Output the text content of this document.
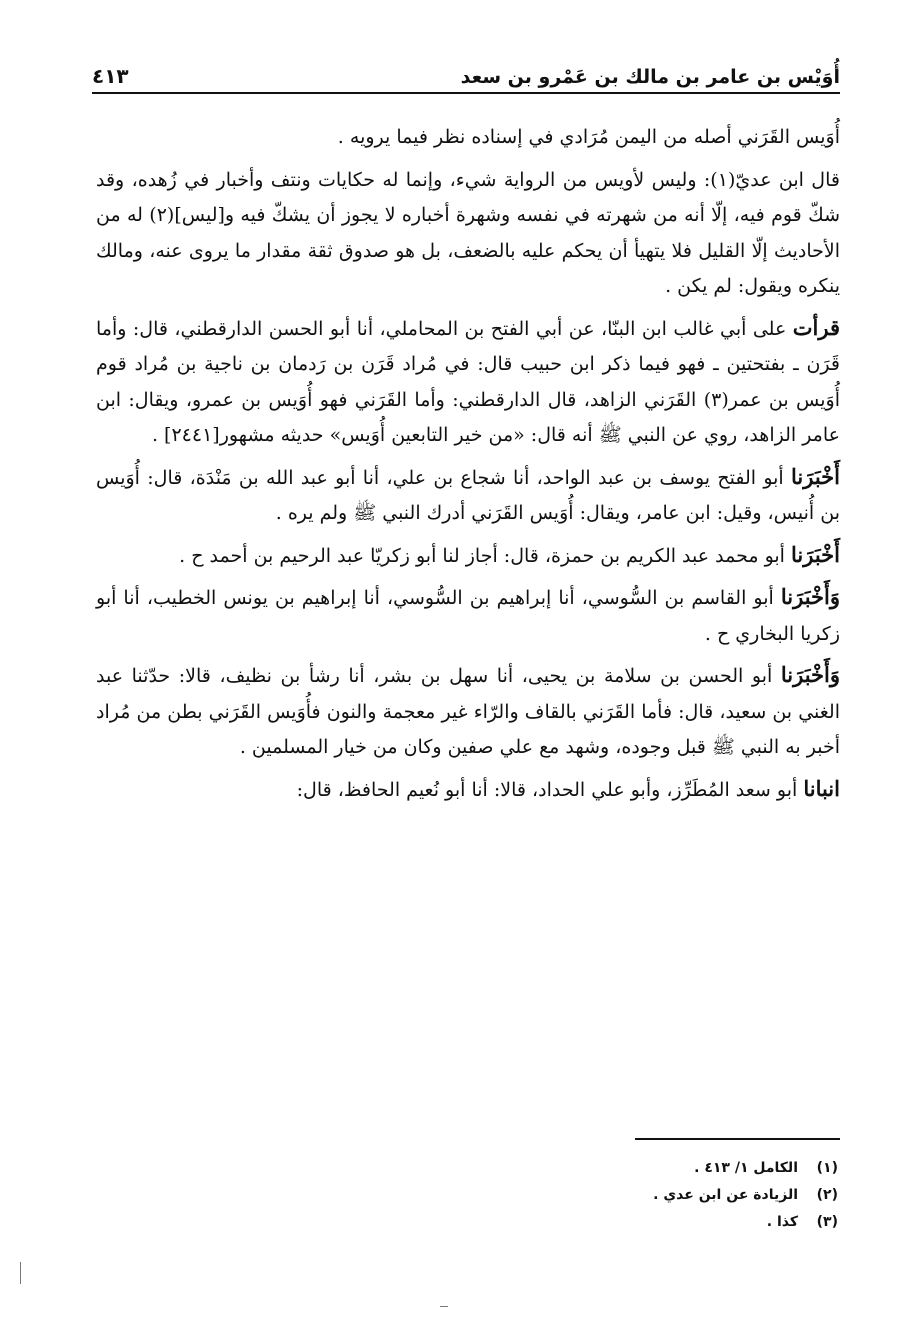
أُوَيْس بن عامر بن مالك بن عَمْرو بن سعد
٤١٣

أُوَيس القَرَني أصله من اليمن مُرَادي في إسناده نظر فيما يرويه .

قال ابن عديّ(١): وليس لأويس من الرواية شيء، وإنما له حكايات ونتف وأخبار في زُهده، وقد شكّ قوم فيه، إلّا أنه من شهرته في نفسه وشهرة أخباره لا يجوز أن يشكّ فيه و[ليس](٢) له من الأحاديث إلّا القليل فلا يتهيأ أن يحكم عليه بالضعف، بل هو صدوق ثقة مقدار ما يروى عنه، ومالك ينكره ويقول: لم يكن .

قرأت على أبي غالب ابن البنّا، عن أبي الفتح بن المحاملي، أنا أبو الحسن الدارقطني، قال: وأما قَرَن ـ بفتحتين ـ فهو فيما ذكر ابن حبيب قال: في مُراد قَرَن بن رَدمان بن ناجية بن مُراد قوم أُوَيس بن عمر(٣) القَرَني الزاهد، قال الدارقطني: وأما القَرَني فهو أُوَيس بن عمرو، ويقال: ابن عامر الزاهد، روي عن النبي ﷺ أنه قال: «من خير التابعين أُوَيس» حديثه مشهور[٢٤٤١] .

أَخْبَرَنا أبو الفتح يوسف بن عبد الواحد، أنا شجاع بن علي، أنا أبو عبد الله بن مَنْدَة، قال: أُوَيس بن أُنيس، وقيل: ابن عامر، ويقال: أُوَيس القَرَني أدرك النبي ﷺ ولم يره .

أَخْبَرَنا أبو محمد عبد الكريم بن حمزة، قال: أجاز لنا أبو زكريّا عبد الرحيم بن أحمد ح .

وَأَخْبَرَنا أبو القاسم بن السُّوسي، أنا إبراهيم بن السُّوسي، أنا إبراهيم بن يونس الخطيب، أنا أبو زكريا البخاري ح .

وَأَخْبَرَنا أبو الحسن بن سلامة بن يحيى، أنا سهل بن بشر، أنا رشأ بن نظيف، قالا: حدّثنا عبد الغني بن سعيد، قال: فأما القَرَني بالقاف والرّاء غير معجمة والنون فأُوَيس القَرَني بطن من مُراد أخبر به النبي ﷺ قبل وجوده، وشهد مع علي صفين وكان من خيار المسلمين .

انبانا أبو سعد المُطَرِّز، وأبو علي الحداد، قالا: أنا أبو نُعيم الحافظ، قال:

(١)
الكامل ١/ ٤١٣ .
(٢)
الزيادة عن ابن عدي .
(٣)
كذا .
